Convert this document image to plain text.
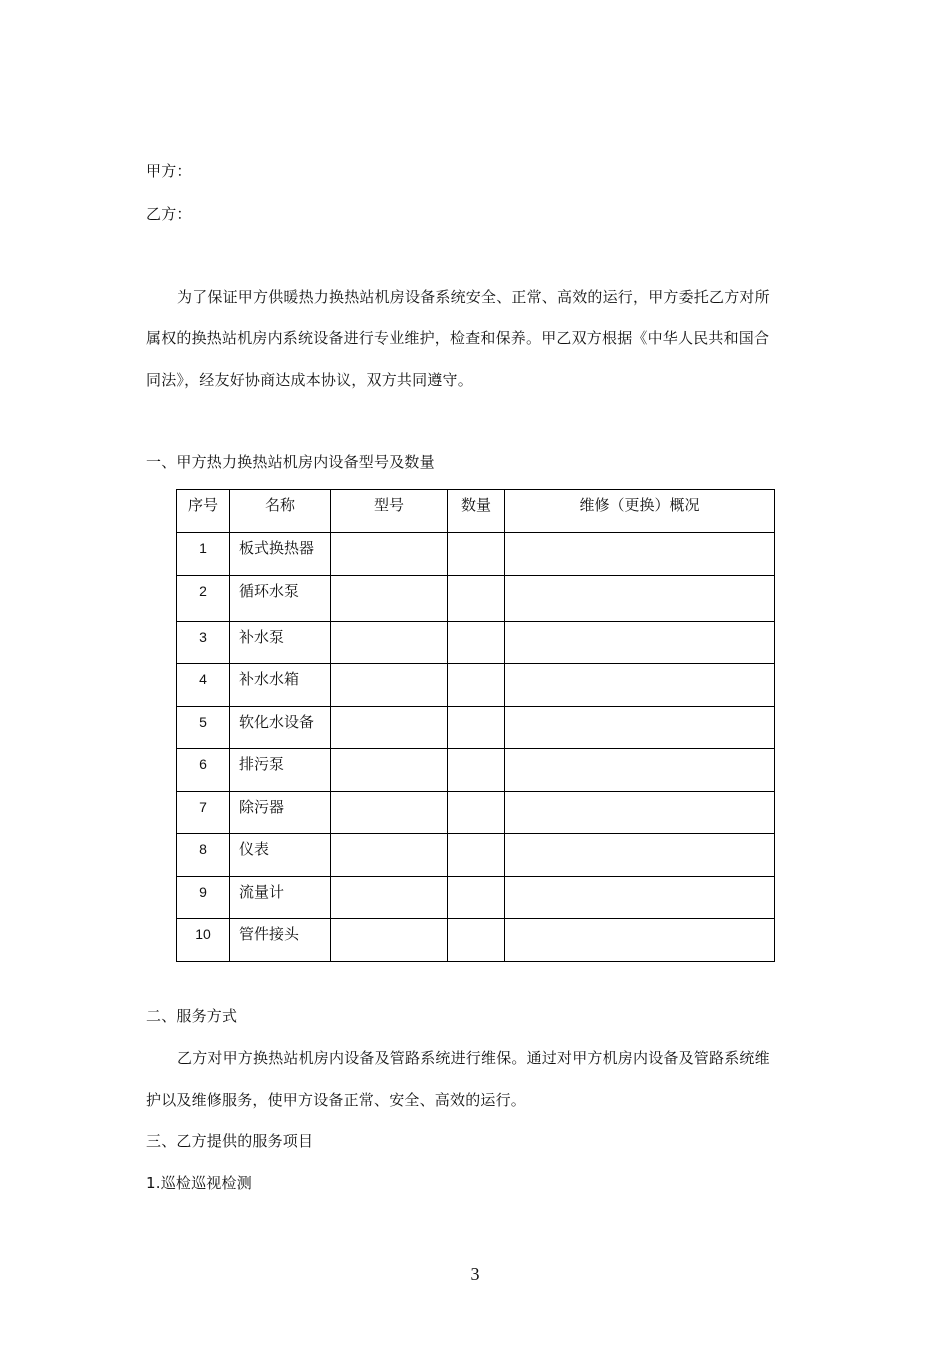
甲方：
乙方：
为了保证甲方供暖热力换热站机房设备系统安全、正常、高效的运行，甲方委托乙方对所
属权的换热站机房内系统设备进行专业维护，检查和保养。甲乙双方根据《中华人民共和国合
同法》，经友好协商达成本协议，双方共同遵守。
一、甲方热力换热站机房内设备型号及数量
序号	名称	型号	数量	维修（更换）概况
1	板式换热器			
2	循环水泵			
3	补水泵			
4	补水水箱			
5	软化水设备			
6	排污泵			
7	除污器			
8	仪表			
9	流量计			
10	管件接头			
二、服务方式
乙方对甲方换热站机房内设备及管路系统进行维保。通过对甲方机房内设备及管路系统维
护以及维修服务，使甲方设备正常、安全、高效的运行。
三、乙方提供的服务项目
1.巡检巡视检测
3
